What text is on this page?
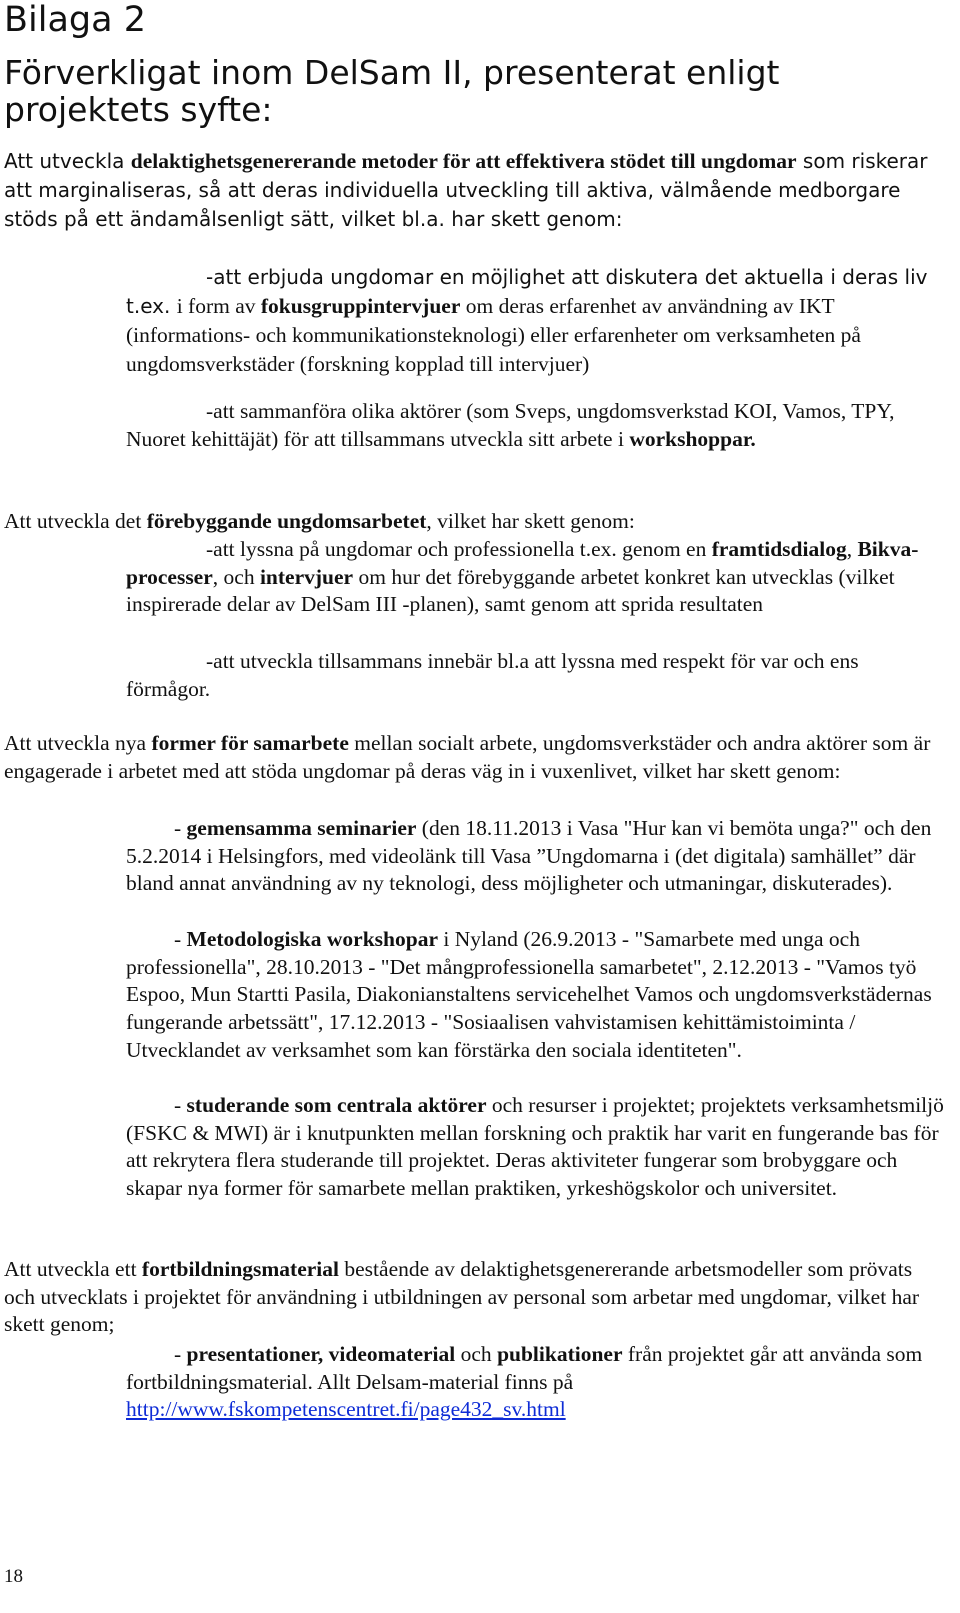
Bilaga 2
Förverkligat inom DelSam II, presenterat enligt projektets syfte:

Att utveckla delaktighetsgenererande metoder för att effektivera stödet till ungdomar som riskerar att marginaliseras, så att deras individuella utveckling till aktiva, välmående medborgare stöds på ett ändamålsenligt sätt, vilket bl.a. har skett genom:

-att erbjuda ungdomar en möjlighet att diskutera det aktuella i deras liv t.ex. i form av fokusgruppintervjuer om deras erfarenhet av användning av IKT (informations- och kommunikationsteknologi) eller erfarenheter om verksamheten på ungdomsverkstäder (forskning kopplad till intervjuer)

-att sammanföra olika aktörer (som Sveps, ungdomsverkstad KOI, Vamos, TPY, Nuoret kehittäjät) för att tillsammans utveckla sitt arbete i workshoppar.

Att utveckla det förebyggande ungdomsarbetet, vilket har skett genom:

-att lyssna på ungdomar och professionella t.ex. genom en framtidsdialog, Bikva-processer, och intervjuer om hur det förebyggande arbetet konkret kan utvecklas (vilket inspirerade delar av DelSam III -planen), samt genom att sprida resultaten

-att utveckla tillsammans innebär bl.a att lyssna med respekt för var och ens förmågor.

Att utveckla nya former för samarbete mellan socialt arbete, ungdomsverkstäder och andra aktörer som är engagerade i arbetet med att stöda ungdomar på deras väg in i vuxenlivet, vilket har skett genom:

- gemensamma seminarier (den 18.11.2013 i Vasa "Hur kan vi bemöta unga?" och den 5.2.2014 i Helsingfors, med videolänk till Vasa ”Ungdomarna i (det digitala) samhället” där bland annat användning av ny teknologi, dess möjligheter och utmaningar, diskuterades).

- Metodologiska workshopar i Nyland (26.9.2013 - "Samarbete med unga och professionella", 28.10.2013 - "Det mångprofessionella samarbetet", 2.12.2013 - "Vamos työ Espoo, Mun Startti Pasila, Diakonianstaltens servicehelhet Vamos och ungdomsverkstädernas fungerande arbetssätt", 17.12.2013 - "Sosiaalisen vahvistamisen kehittämistoiminta / Utvecklandet av verksamhet som kan förstärka den sociala identiteten".

- studerande som centrala aktörer och resurser i projektet; projektets verksamhetsmiljö (FSKC & MWI) är i knutpunkten mellan forskning och praktik har varit en fungerande bas för att rekrytera flera studerande till projektet. Deras aktiviteter fungerar som brobyggare och skapar nya former för samarbete mellan praktiken, yrkeshögskolor och universitet.

Att utveckla ett fortbildningsmaterial bestående av delaktighetsgenererande arbetsmodeller som prövats och utvecklats i projektet för användning i utbildningen av personal som arbetar med ungdomar, vilket har skett genom;

- presentationer, videomaterial och publikationer från projektet går att använda som fortbildningsmaterial. Allt Delsam-material finns på http://www.fskompetenscentret.fi/page432_sv.html

18
